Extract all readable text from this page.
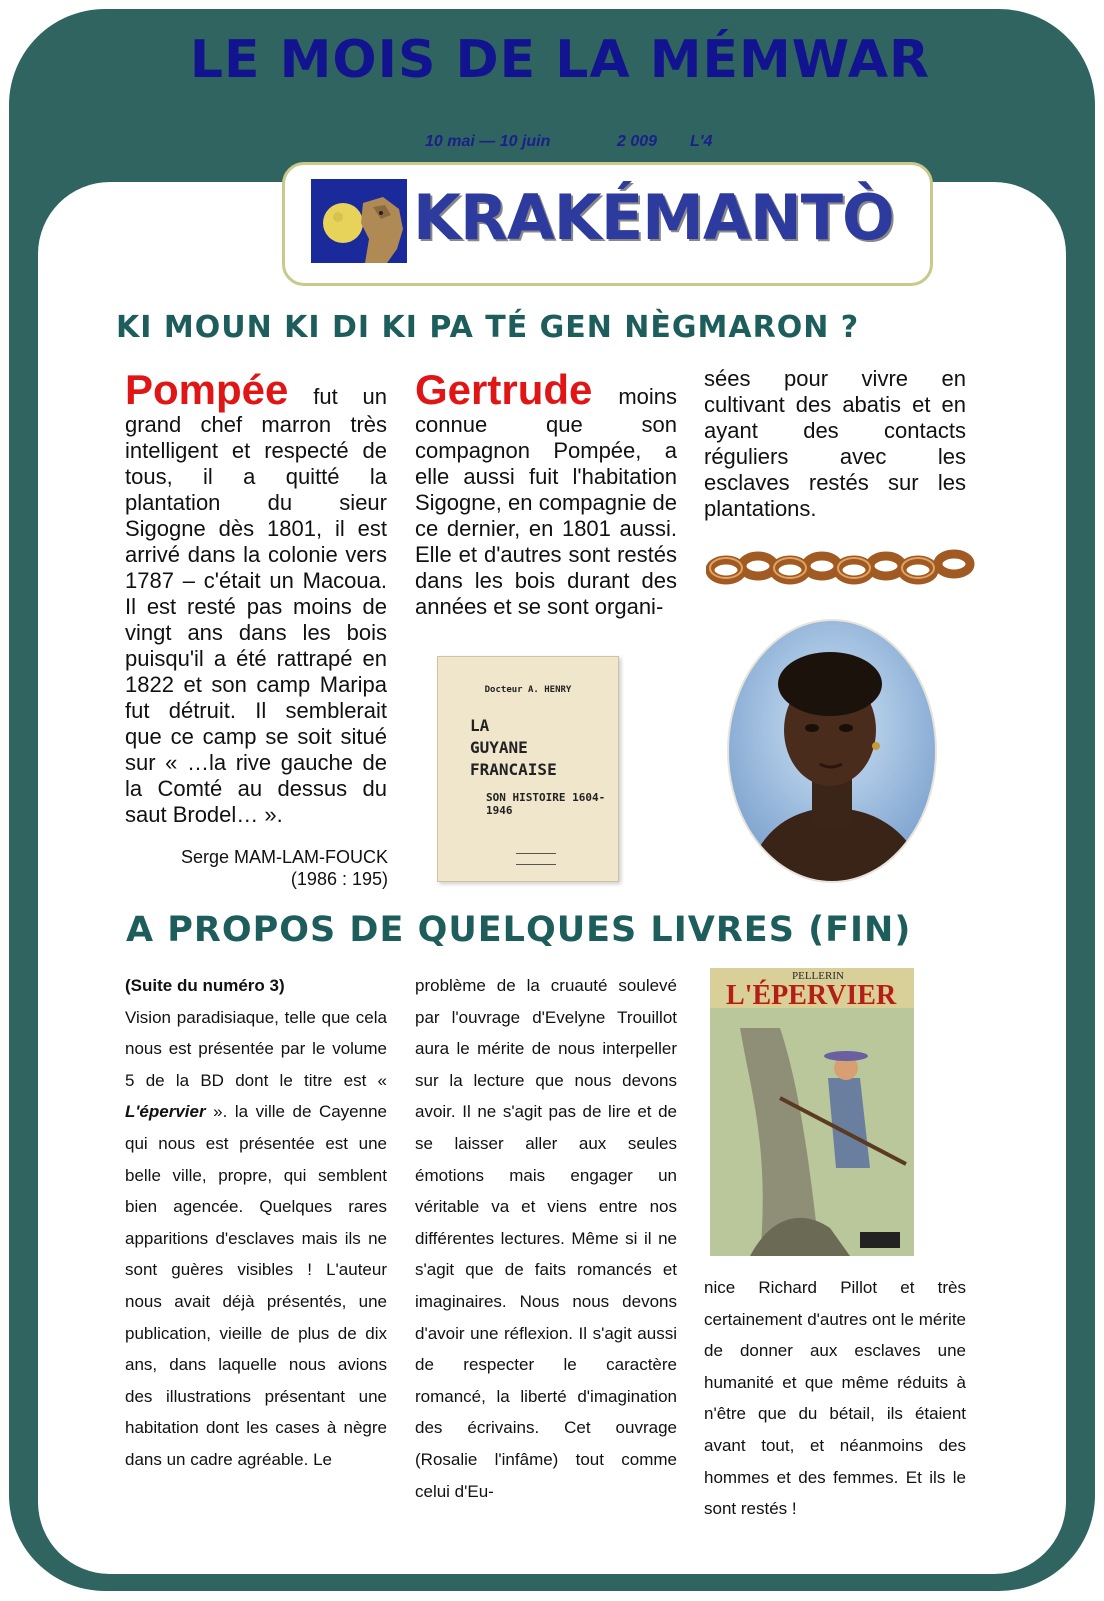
LE MOIS DE LA MÉMWAR
10 mai — 10 juin	2 009 L'4
KRAKÉMANTÒ
KI MOUN KI DI KI PA TÉ GEN NÈGMARON ?
Pompée fut un grand chef marron très intelligent et respecté de tous, il a quitté la plantation du sieur Sigogne dès 1801, il est arrivé dans la colonie vers 1787 – c'était un Macoua. Il est resté pas moins de vingt ans dans les bois puisqu'il a été rattrapé en 1822 et son camp Maripa fut détruit. Il semblerait que ce camp se soit situé sur « …la rive gauche de la Comté au dessus du saut Brodel… ».
Serge MAM-LAM-FOUCK
(1986 : 195)
Gertrude moins connue que son compagnon Pompée, a elle aussi fuit l'habitation Sigogne, en compagnie de ce dernier, en 1801 aussi. Elle et d'autres sont restés dans les bois durant des années et se sont organi-
sées pour vivre en cultivant des abatis et en ayant des contacts réguliers avec les esclaves restés sur les plantations.
Docteur A. HENRY
LA
GUYANE
FRANCAISE
SON HISTOIRE 1604-1946
A PROPOS DE QUELQUES LIVRES (FIN)
(Suite du numéro 3)
Vision paradisiaque, telle que cela nous est présentée par le volume 5 de la BD dont le titre est « L'épervier ». la ville de Cayenne qui nous est présentée est une belle ville, propre, qui semblent bien agencée. Quelques rares apparitions d'esclaves mais ils ne sont guères visibles ! L'auteur nous avait déjà présentés, une publication, vieille de plus de dix ans, dans laquelle nous avions des illustrations présentant une habitation dont les cases à nègre dans un cadre agréable. Le
problème de la cruauté soulevé par l'ouvrage d'Evelyne Trouillot aura le mérite de nous interpeller sur la lecture que nous devons avoir. Il ne s'agit pas de lire et de se laisser aller aux seules émotions mais engager un véritable va et viens entre nos différentes lectures. Même si il ne s'agit que de faits romancés et imaginaires. Nous nous devons d'avoir une réflexion. Il s'agit aussi de respecter le caractère romancé, la liberté d'imagination des écrivains. Cet ouvrage (Rosalie l'infâme) tout comme celui d'Eu-
PELLERIN
L'ÉPERVIER
nice Richard Pillot et très certainement d'autres ont le mérite de donner aux esclaves une humanité et que même réduits à n'être que du bétail, ils étaient avant tout, et néanmoins des hommes et des femmes. Et ils le sont restés !
